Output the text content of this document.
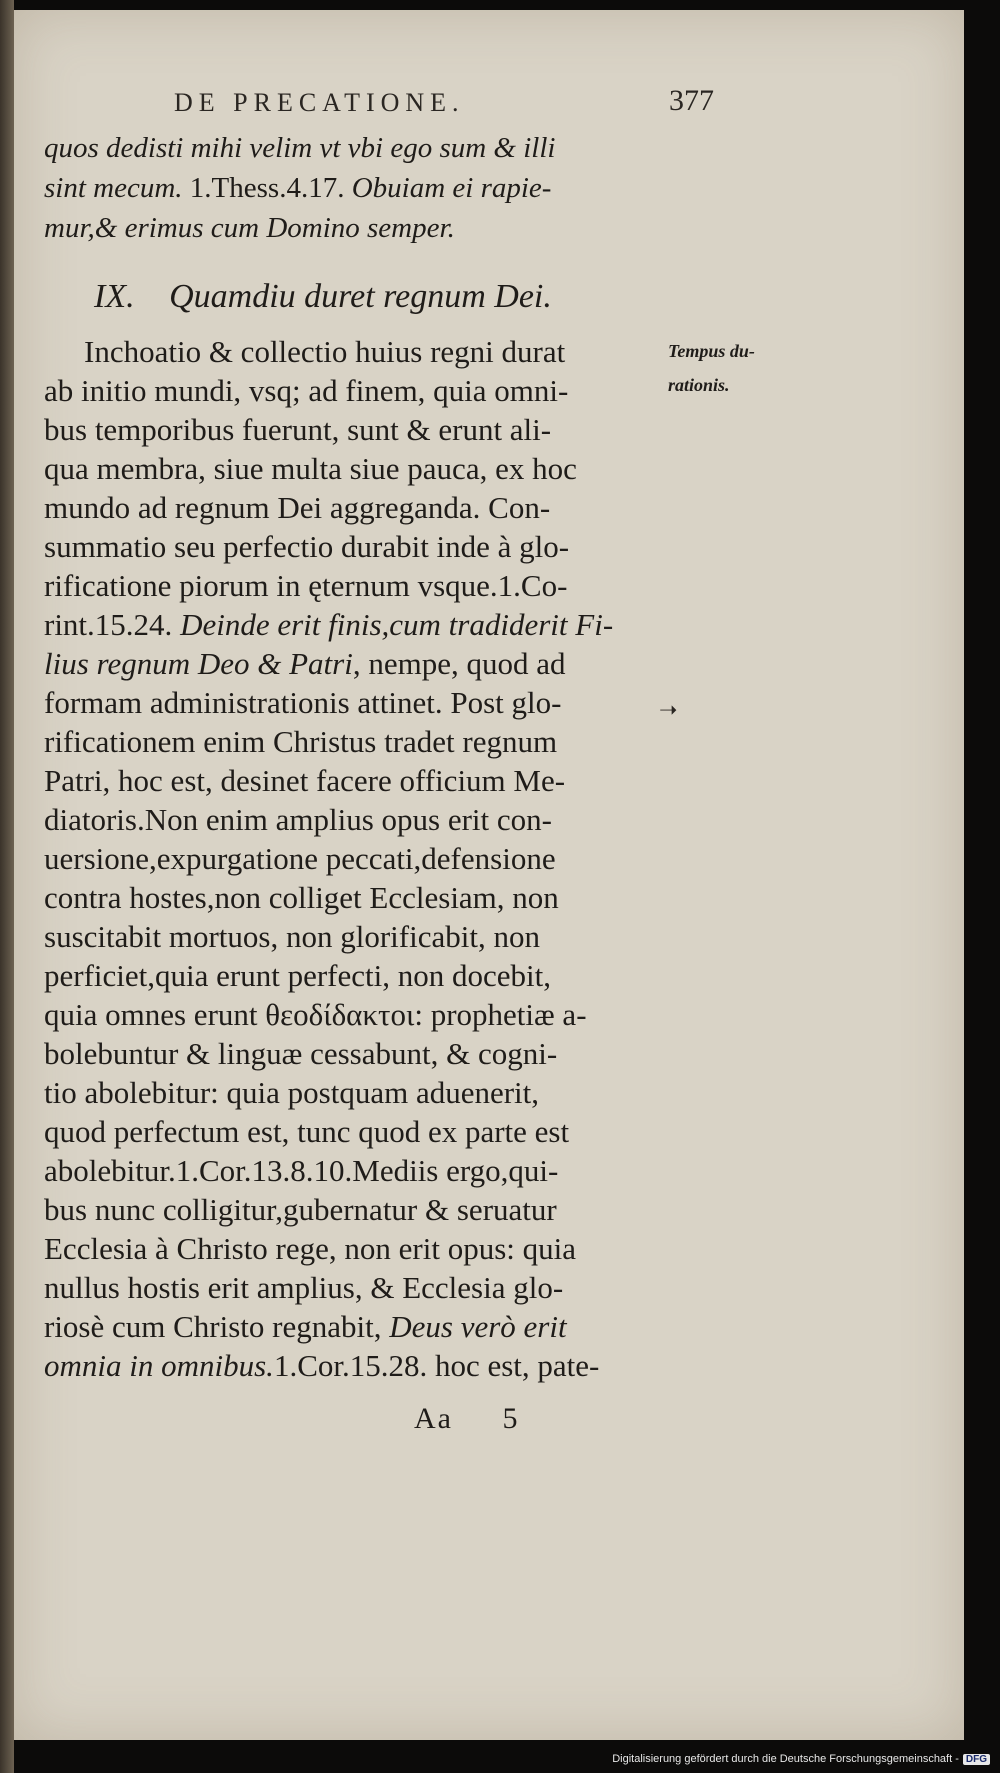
DE PRECATIONE.	377
quos dedisti mihi velim vt vbi ego sum & illi
sint mecum. 1.Thess.4.17. Obuiam ei rapie-
mur,& erimus cum Domino semper.
IX. Quamdiu duret regnum Dei.
Tempus du-
rationis.
Inchoatio & collectio huius regni durat
ab initio mundi, vsq; ad finem, quia omni-
bus temporibus fuerunt, sunt & erunt ali-
qua membra, siue multa siue pauca, ex hoc
mundo ad regnum Dei aggreganda. Con-
summatio seu perfectio durabit inde à glo-
rificatione piorum in ęternum vsque.1.Co-
rint.15.24. Deinde erit finis,cum tradiderit Fi-
lius regnum Deo & Patri, nempe, quod ad
formam administrationis attinet. Post glo-
rificationem enim Christus tradet regnum
Patri, hoc est, desinet facere officium Me-
diatoris.Non enim amplius opus erit con-
uersione,expurgatione peccati,defensione
contra hostes,non colliget Ecclesiam, non
suscitabit mortuos, non glorificabit, non
perficiet,quia erunt perfecti, non docebit,
quia omnes erunt θεοδίδακτοι: prophetiæ a-
bolebuntur & linguæ cessabunt, & cogni-
tio abolebitur: quia postquam aduenerit,
quod perfectum est, tunc quod ex parte est
abolebitur.1.Cor.13.8.10.Mediis ergo,qui-
bus nunc colligitur,gubernatur & seruatur
Ecclesia à Christo rege, non erit opus: quia
nullus hostis erit amplius, & Ecclesia glo-
riosè cum Christo regnabit, Deus verò erit
omnia in omnibus.1.Cor.15.28. hoc est, pate-
➝
Aa 5
Digitalisierung gefördert durch die Deutsche Forschungsgemeinschaft - DFG
